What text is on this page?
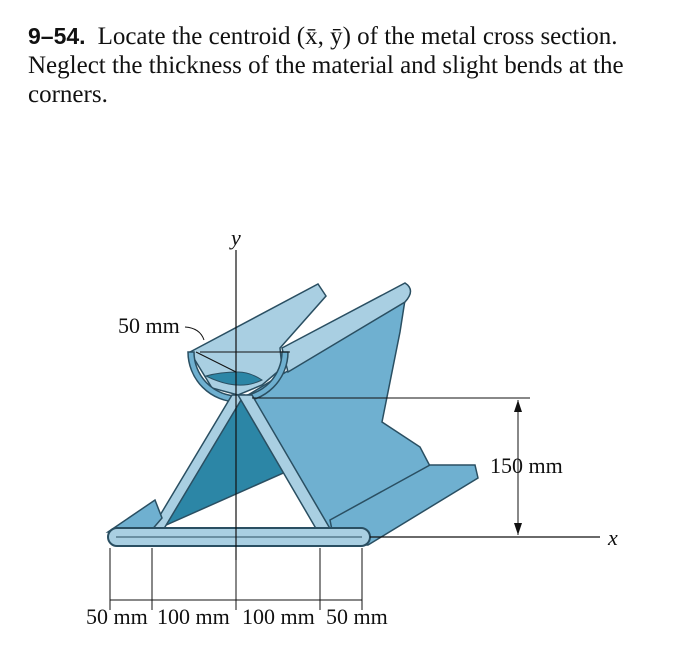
9–54. Locate the centroid (x̄, ȳ) of the metal cross section. Neglect the thickness of the material and slight bends at the corners.
y
x
50 mm
150 mm
50 mm 100 mm 100 mm 50 mm
